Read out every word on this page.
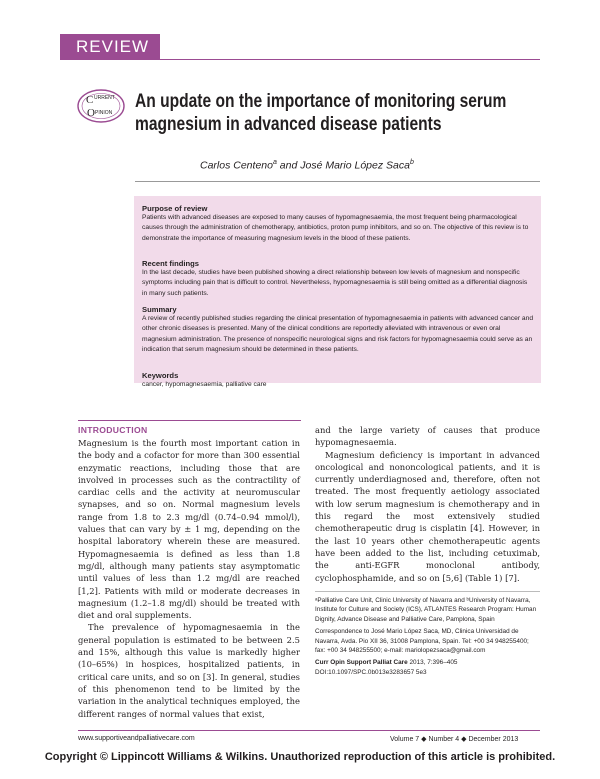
REVIEW
C URRENT
O PINION
An update on the importance of monitoring serum magnesium in advanced disease patients
Carlos Centeno$^a$ and José Mario López Saca$^b$
Purpose of review
Patients with advanced diseases are exposed to many causes of hypomagnesaemia, the most frequent being pharmacological causes through the administration of chemotherapy, antibiotics, proton pump inhibitors, and so on. The objective of this review is to demonstrate the importance of measuring magnesium levels in the blood of these patients.
Recent findings
In the last decade, studies have been published showing a direct relationship between low levels of magnesium and nonspecific symptoms including pain that is difficult to control. Nevertheless, hypomagnesaemia is still being omitted as a differential diagnosis in many such patients.
Summary
A review of recently published studies regarding the clinical presentation of hypomagnesaemia in patients with advanced cancer and other chronic diseases is presented. Many of the clinical conditions are reportedly alleviated with intravenous or even oral magnesium administration. The presence of nonspecific neurological signs and risk factors for hypomagnesaemia could serve as an indication that serum magnesium should be determined in these patients.
Keywords
cancer, hypomagnesaemia, palliative care
INTRODUCTION

Magnesium is the fourth most important cation in the body and a cofactor for more than 300 essential enzymatic reactions, including those that are involved in processes such as the contractility of cardiac cells and the activity at neuromuscular synapses, and so on. Normal magnesium levels range from 1.8 to 2.3 mg/dl (0.74–0.94 mmol/l), values that can vary by ± 1 mg, depending on the hospital laboratory wherein these are measured. Hypomagnesaemia is defined as less than 1.8 mg/dl, although many patients stay asymptomatic until values of less than 1.2 mg/dl are reached [1,2]. Patients with mild or moderate decreases in magnesium (1.2–1.8 mg/dl) should be treated with diet and oral supplements.

The prevalence of hypomagnesaemia in the general population is estimated to be between 2.5 and 15%, although this value is markedly higher (10–65%) in hospices, hospitalized patients, in critical care units, and so on [3]. In general, studies of this phenomenon tend to be limited by the variation in the analytical techniques employed, the different ranges of normal values that exist,

and the large variety of causes that produce hypomagnesaemia.

Magnesium deficiency is important in advanced oncological and nononcological patients, and it is currently underdiagnosed and, therefore, often not treated. The most frequently aetiology associated with low serum magnesium is chemotherapy and in this regard the most extensively studied chemotherapeutic drug is cisplatin [4]. However, in the last 10 years other chemotherapeutic agents have been added to the list, including cetuximab, the anti-EGFR monoclonal antibody, cyclophosphamide, and so on [5,6] (Table 1) [7].

ᵃPalliative Care Unit, Clinic University of Navarra and ᵇUniversity of Navarra, Institute for Culture and Society (ICS), ATLANTES Research Program: Human Dignity, Advance Disease and Palliative Care, Pamplona, Spain

Correspondence to José Mario López Saca, MD, Clinica Universidad de Navarra, Avda. Pio XII 36, 31008 Pamplona, Spain. Tel: +00 34 948255400; fax: +00 34 948255500; e-mail: mariolopezsaca@gmail.com

Curr Opin Support Palliat Care 2013, 7:396–405

DOI:10.1097/SPC.0b013e3283657 5e3

www.supportiveandpalliativecare.com	Volume 7 ◆ Number 4 ◆ December 2013
Copyright © Lippincott Williams & Wilkins. Unauthorized reproduction of this article is prohibited.
